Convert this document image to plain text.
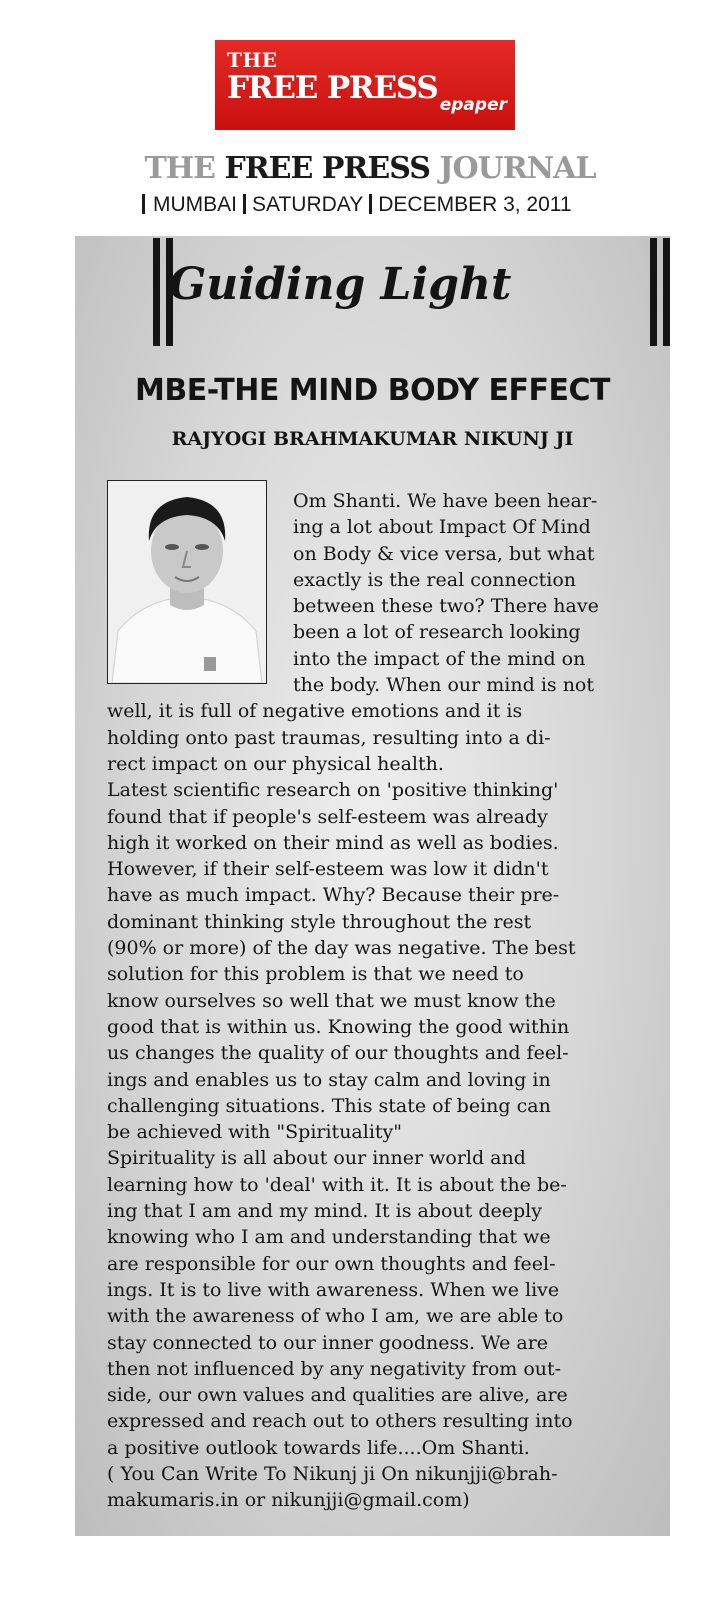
THE
FREE PRESS epaper
THE FREE PRESS JOURNAL
MUMBAI SATURDAY DECEMBER 3, 2011
Guiding Light
MBE-THE MIND BODY EFFECT
RAJYOGI BRAHMAKUMAR NIKUNJ JI
Om Shanti. We have been hear-
ing a lot about Impact Of Mind
on Body & vice versa, but what
exactly is the real connection
between these two? There have
been a lot of research looking
into the impact of the mind on
the body. When our mind is not
well, it is full of negative emotions and it is
holding onto past traumas, resulting into a di-
rect impact on our physical health.
Latest scientific research on 'positive thinking'
found that if people's self-esteem was already
high it worked on their mind as well as bodies.
However, if their self-esteem was low it didn't
have as much impact. Why? Because their pre-
dominant thinking style throughout the rest
(90% or more) of the day was negative. The best
solution for this problem is that we need to
know ourselves so well that we must know the
good that is within us. Knowing the good within
us changes the quality of our thoughts and feel-
ings and enables us to stay calm and loving in
challenging situations. This state of being can
be achieved with "Spirituality"
Spirituality is all about our inner world and
learning how to 'deal' with it. It is about the be-
ing that I am and my mind. It is about deeply
knowing who I am and understanding that we
are responsible for our own thoughts and feel-
ings. It is to live with awareness. When we live
with the awareness of who I am, we are able to
stay connected to our inner goodness. We are
then not influenced by any negativity from out-
side, our own values and qualities are alive, are
expressed and reach out to others resulting into
a positive outlook towards life....Om Shanti.
( You Can Write To Nikunj ji On nikunjji@brah-
makumaris.in or nikunjji@gmail.com)
